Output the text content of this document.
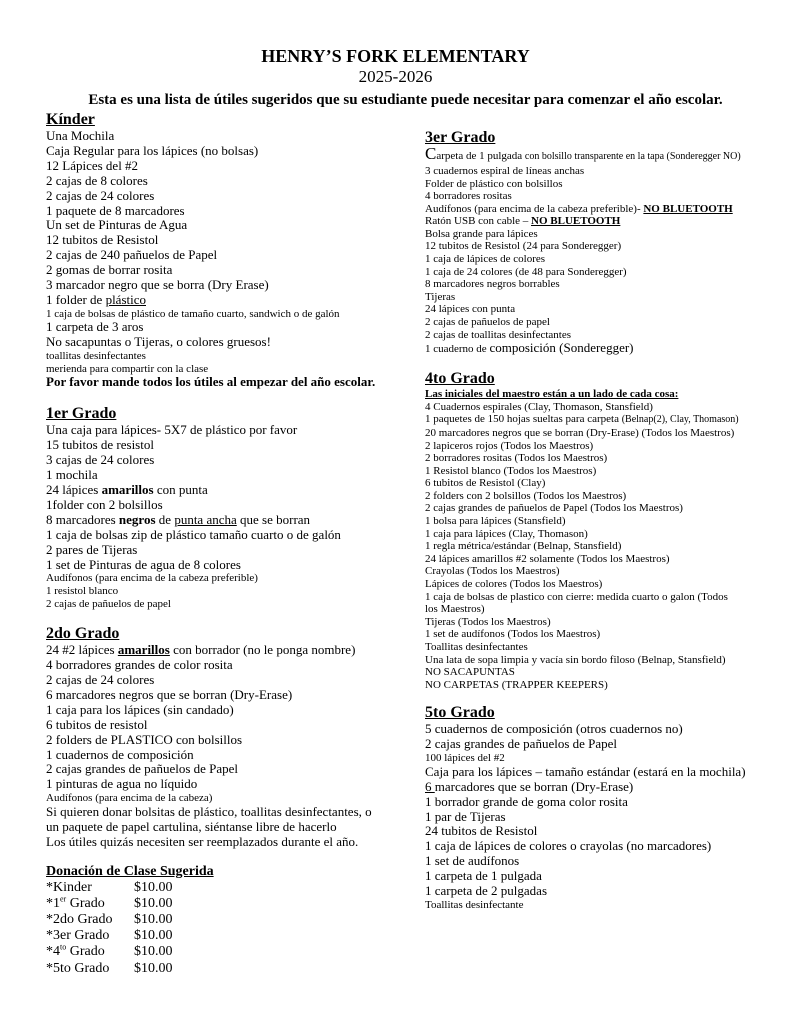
HENRY’S FORK ELEMENTARY
2025-2026
Esta es una lista de útiles sugeridos que su estudiante puede necesitar para comenzar el año escolar.
Kínder
Una Mochila
Caja Regular para los lápices (no bolsas)
12 Lápices del #2
2 cajas de 8 colores
2 cajas de 24 colores
1 paquete de 8 marcadores
Un set de Pinturas de Agua
12 tubitos de Resistol
2 cajas de 240 pañuelos de Papel
2 gomas de borrar rosita
3 marcador negro que se borra (Dry Erase)
1 folder de plástico
1 caja de bolsas de plástico de tamaño cuarto, sandwich o de galón
1 carpeta de 3 aros
No sacapuntas o Tijeras, o colores gruesos!
toallitas desinfectantes
merienda para compartir con la clase
Por favor mande todos los útiles al empezar del año escolar.
1er Grado
Una caja para lápices- 5X7 de plástico por favor
15 tubitos de resistol
3 cajas de 24 colores
1 mochila
24 lápices amarillos con punta
1folder con 2 bolsillos
8 marcadores negros de punta ancha que se borran
1 caja de bolsas zip de plástico tamaño cuarto o de galón
2 pares de Tijeras
1 set de Pinturas de agua de 8 colores
Audífonos (para encima de la cabeza preferible)
1 resistol blanco
2 cajas de pañuelos de papel
2do Grado
24 #2 lápices amarillos con borrador (no le ponga nombre)
4 borradores grandes de color rosita
2 cajas de 24 colores
6 marcadores negros que se borran (Dry-Erase)
1 caja para los lápices (sin candado)
6 tubitos de resistol
2 folders de PLASTICO con bolsillos
1 cuadernos de composición
2 cajas grandes de pañuelos de Papel
1 pinturas de agua no líquido
Audífonos (para encima de la cabeza)
Si quieren donar bolsitas de plástico, toallitas desinfectantes, o
un paquete de papel cartulina, siéntanse libre de hacerlo
Los útiles quizás necesiten ser reemplazados durante el año.
Donación de Clase Sugerida
*Kinder	$10.00
*1er Grado $10.00
*2do Grado $10.00
*3er Grado $10.00
$*4^{to}$ Grado $10.00
*5to Grado $10.00
3er Grado
Carpeta de 1 pulgada con bolsillo transparente en la tapa (Sonderegger NO)
3 cuadernos espiral de líneas anchas
Folder de plástico con bolsillos
4 borradores rositas
Audífonos (para encima de la cabeza preferible)- NO BLUETOOTH
Ratón USB con cable – NO BLUETOOTH
Bolsa grande para lápices
12 tubitos de Resistol (24 para Sonderegger)
1 caja de lápices de colores
1 caja de 24 colores (de 48 para Sonderegger)
8 marcadores negros borrables
Tijeras
24 lápices con punta
2 cajas de pañuelos de papel
2 cajas de toallitas desinfectantes
1 cuaderno de composición (Sonderegger)
4to Grado
Las iniciales del maestro están a un lado de cada cosa:
4 Cuadernos espirales (Clay, Thomason, Stansfield)
1 paquetes de 150 hojas sueltas para carpeta (Belnap(2), Clay, Thomason)
20 marcadores negros que se borran (Dry-Erase) (Todos los Maestros)
2 lapiceros rojos (Todos los Maestros)
2 borradores rositas (Todos los Maestros)
1 Resistol blanco (Todos los Maestros)
6 tubitos de Resistol (Clay)
2 folders con 2 bolsillos (Todos los Maestros)
2 cajas grandes de pañuelos de Papel (Todos los Maestros)
1 bolsa para lápices (Stansfield)
1 caja para lápices (Clay, Thomason)
1 regla métrica/estándar (Belnap, Stansfield)
24 lápices amarillos #2 solamente (Todos los Maestros)
Crayolas (Todos los Maestros)
Lápices de colores (Todos los Maestros)
1 caja de bolsas de plastico con cierre: medida cuarto o galon (Todos
los Maestros)
Tijeras (Todos los Maestros)
1 set de audífonos (Todos los Maestros)
Toallitas desinfectantes
Una lata de sopa limpia y vacía sin bordo filoso (Belnap, Stansfield)
NO SACAPUNTAS
NO CARPETAS (TRAPPER KEEPERS)
5to Grado
5 cuadernos de composición (otros cuadernos no)
2 cajas grandes de pañuelos de Papel
100 lápices del #2
Caja para los lápices – tamaño estándar (estará en la mochila)
6 marcadores que se borran (Dry-Erase)
1 borrador grande de goma color rosita
1 par de Tijeras
24 tubitos de Resistol
1 caja de lápices de colores o crayolas (no marcadores)
1 set de audífonos
1 carpeta de 1 pulgada
1 carpeta de 2 pulgadas
Toallitas desinfectante
